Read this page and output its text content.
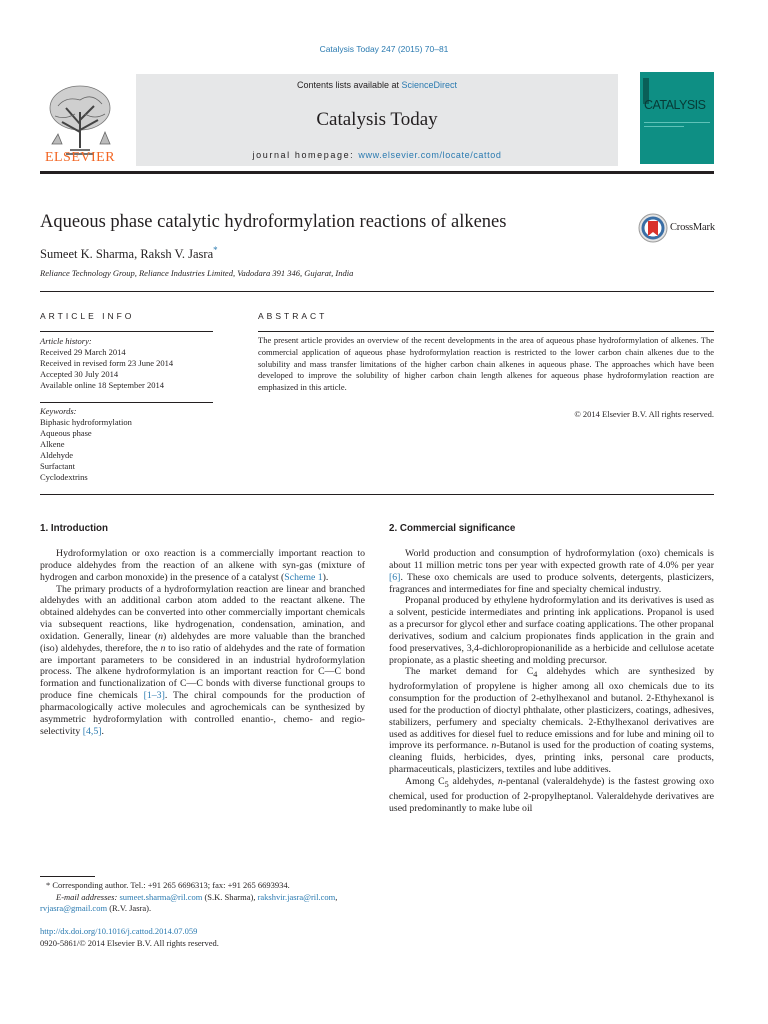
Catalysis Today 247 (2015) 70–81
ELSEVIER
Contents lists available at ScienceDirect
Catalysis Today
journal homepage: www.elsevier.com/locate/cattod
CATALYSIS
Aqueous phase catalytic hydroformylation reactions of alkenes	CrossMark
Sumeet K. Sharma, Raksh V. Jasra*
Reliance Technology Group, Reliance Industries Limited, Vadodara 391 346, Gujarat, India
ARTICLE INFO	ABSTRACT
Article history:
Received 29 March 2014
Received in revised form 23 June 2014
Accepted 30 July 2014
Available online 18 September 2014
Keywords:
Biphasic hydroformylation
Aqueous phase
Alkene
Aldehyde
Surfactant
Cyclodextrins
The present article provides an overview of the recent developments in the area of aqueous phase hydroformylation of alkenes. The commercial application of aqueous phase hydroformylation reaction is restricted to the lower carbon chain alkenes due to the solubility and mass transfer limitations of the higher carbon chain alkenes in aqueous phase. The approaches which have been developed to improve the solubility of higher carbon chain length alkenes for aqueous phase hydroformylation reaction are emphasized in this article.
© 2014 Elsevier B.V. All rights reserved.
1. Introduction

Hydroformylation or oxo reaction is a commercially important reaction to produce aldehydes from the reaction of an alkene with syn-gas (mixture of hydrogen and carbon monoxide) in the presence of a catalyst (Scheme 1).

The primary products of a hydroformylation reaction are linear and branched aldehydes with an additional carbon atom added to the reactant alkene. The obtained aldehydes can be converted into other commercially important chemicals via subsequent reactions, like hydrogenation, condensation, amination, and oxidation. Generally, linear (n) aldehydes are more valuable than the branched (iso) aldehydes, therefore, the n to iso ratio of aldehydes and the rate of formation are important parameters to be considered in an industrial hydroformylation process. The alkene hydroformylation is an important reaction for C—C bond formation and functionalization of C—C bonds with diverse functional groups to produce fine chemicals [1–3]. The chiral compounds for the production of pharmacologically active molecules and agrochemicals can be synthesized by asymmetric hydroformylation with controlled enantio-, chemo- and regio-selectivity [4,5].

2. Commercial significance

World production and consumption of hydroformylation (oxo) chemicals is about 11 million metric tons per year with expected growth rate of 4.0% per year [6]. These oxo chemicals are used to produce solvents, detergents, plasticizers, fragrances and intermediates for fine and specialty chemical industry.

Propanal produced by ethylene hydroformylation and its derivatives is used as a solvent, pesticide intermediates and printing ink applications. Propanol is used as a precursor for glycol ether and surface coating applications. The other propanal derivatives, sodium and calcium propionates finds application in the grain and food preservatives, 3,4-dichloropropionanilide as a herbicide and cellulose acetate propionate, as a plastic sheeting and molding precursor.

The market demand for $C_4$ aldehydes which are synthesized by hydroformylation of propylene is higher among all oxo chemicals due to its consumption for the production of 2-ethylhexanol and butanol. 2-Ethyhexanol is used for the production of dioctyl phthalate, other plasticizers, coatings, adhesives, stabilizers, perfumery and specialty chemicals. 2-Ethylhexanol derivatives are used as additives for diesel fuel to reduce emissions and for lube and mining oil to improve its performance. n-Butanol is used for the production of coating systems, cleaning fluids, herbicides, dyes, printing inks, personal care products, pharmaceuticals, plasticizers, textiles and lube additives.

Among $C_5$ aldehydes, n-pentanal (valeraldehyde) is the fastest growing oxo chemical, used for production of 2-propylheptanol. Valeraldehyde derivatives are used predominantly to make lube oil

* Corresponding author. Tel.: +91 265 6696313; fax: +91 265 6693934.
E-mail addresses: sumeet.sharma@ril.com (S.K. Sharma), rakshvir.jasra@ril.com,
rvjasra@gmail.com (R.V. Jasra).
http://dx.doi.org/10.1016/j.cattod.2014.07.059
0920-5861/© 2014 Elsevier B.V. All rights reserved.
